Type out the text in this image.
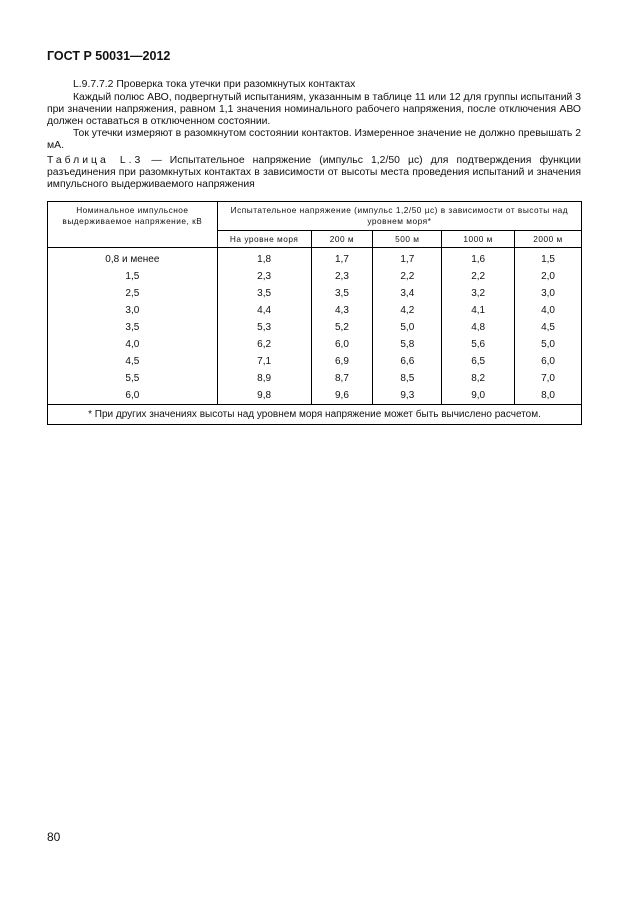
ГОСТ Р 50031—2012
L.9.7.7.2 Проверка тока утечки при разомкнутых контактах
Каждый полюс АВО, подвергнутый испытаниям, указанным в таблице 11 или 12 для группы испытаний 3 при значении напряжения, равном 1,1 значения номинального рабочего напряжения, после отключения АВО должен оставаться в отключенном состоянии.
Ток утечки измеряют в разомкнутом состоянии контактов. Измеренное значение не должно превышать 2 мА.
Таблица L.3 — Испытательное напряжение (импульс 1,2/50 µс) для подтверждения функции разъединения при разомкнутых контактах в зависимости от высоты места проведения испытаний и значения импульсного выдерживаемого напряжения
Номинальное импульсное выдерживаемое напряжение, кВ	Испытательное напряжение (импульс 1,2/50 µс) в зависимости от высоты над уровнем моря*				
	На уровне моря	200 м	500 м	1000 м	2000 м

0,8 и менее	1,8	1,7	1,7	1,6	1,5
1,5	2,3	2,3	2,2	2,2	2,0
2,5	3,5	3,5	3,4	3,2	3,0
3,0	4,4	4,3	4,2	4,1	4,0
3,5	5,3	5,2	5,0	4,8	4,5
4,0	6,2	6,0	5,8	5,6	5,0
4,5	7,1	6,9	6,6	6,5	6,0
5,5	8,9	8,7	8,5	8,2	7,0
6,0	9,8	9,6	9,3	9,0	8,0
* При других значениях высоты над уровнем моря напряжение может быть вычислено расчетом.					
80
